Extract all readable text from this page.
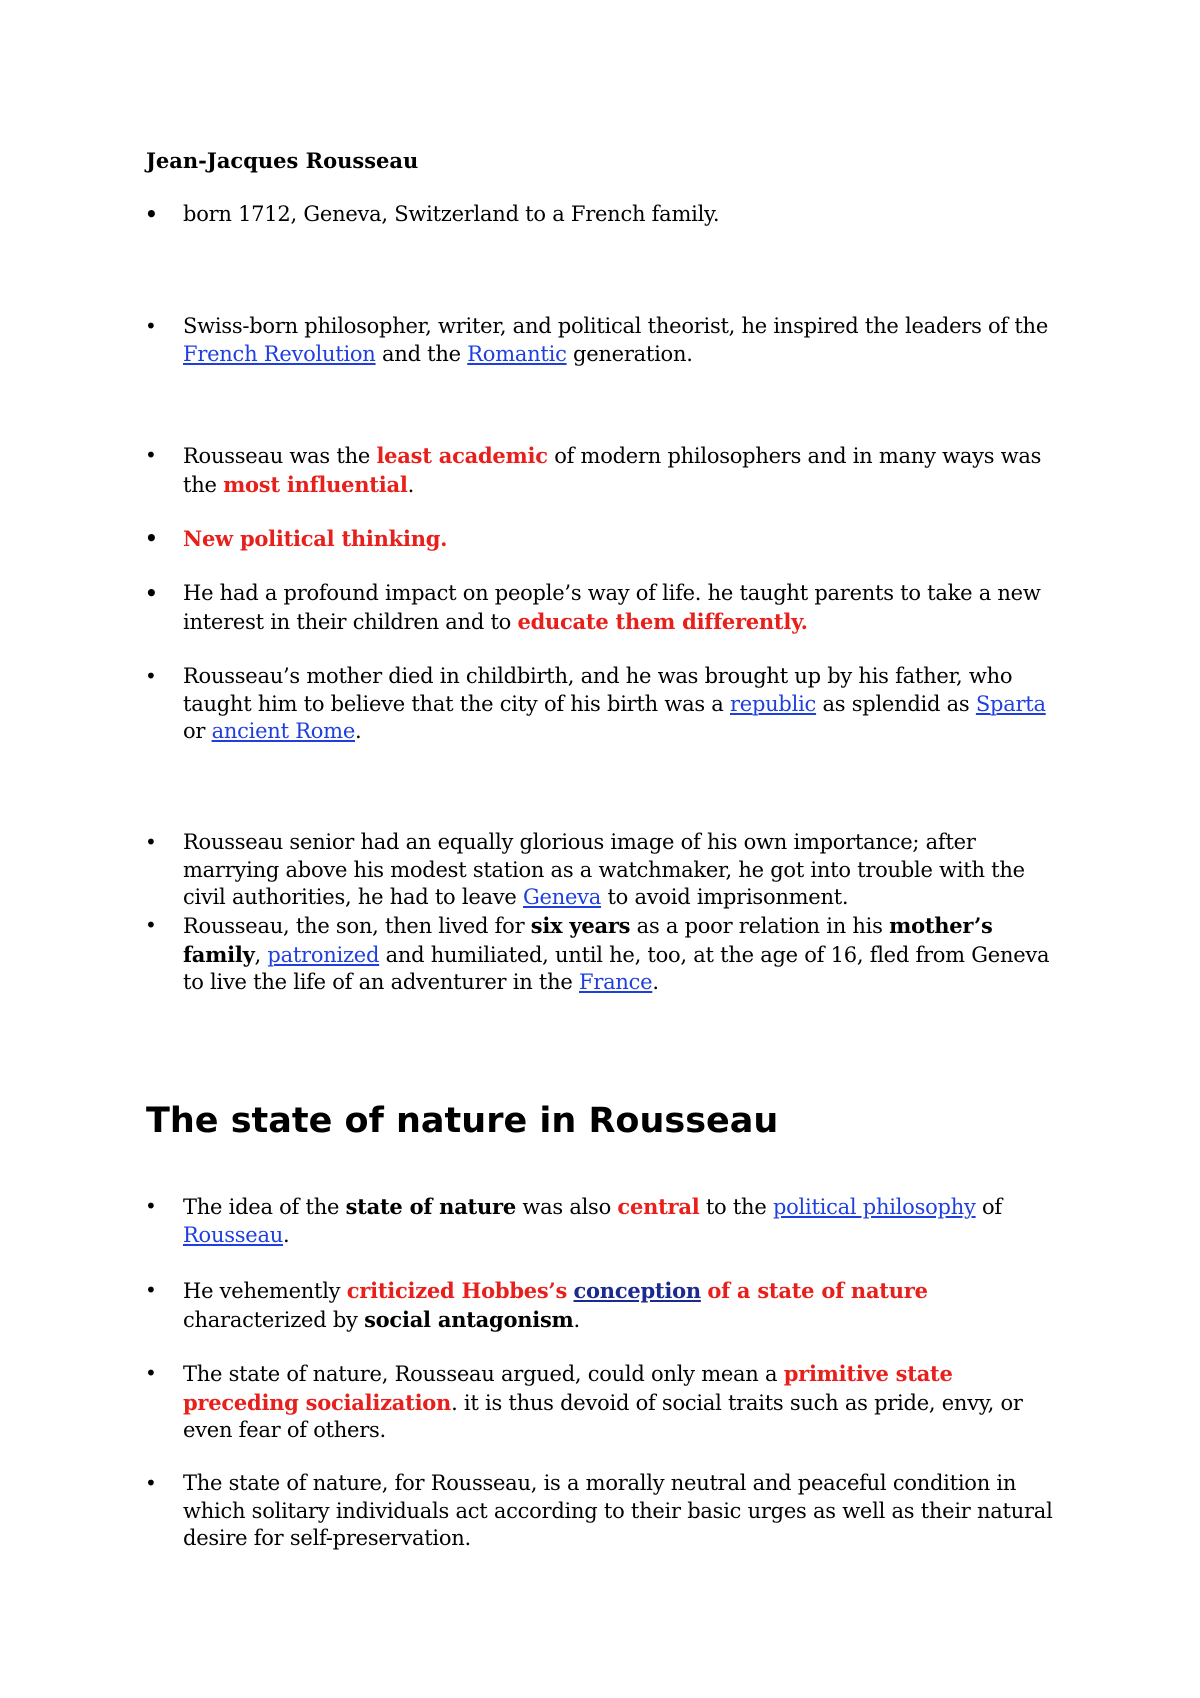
Jean-Jacques Rousseau
• born 1712, Geneva, Switzerland to a French family.
• Swiss-born philosopher, writer, and political theorist, he inspired the leaders of the French Revolution and the Romantic generation.
• Rousseau was the least academic of modern philosophers and in many ways was the most influential.
• New political thinking.
• He had a profound impact on people’s way of life. he taught parents to take a new interest in their children and to educate them differently.
• Rousseau’s mother died in childbirth, and he was brought up by his father, who taught him to believe that the city of his birth was a republic as splendid as Sparta or ancient Rome.
• Rousseau senior had an equally glorious image of his own importance; after marrying above his modest station as a watchmaker, he got into trouble with the civil authorities, he had to leave Geneva to avoid imprisonment.
• Rousseau, the son, then lived for six years as a poor relation in his mother’s family, patronized and humiliated, until he, too, at the age of 16, fled from Geneva to live the life of an adventurer in the France.
The state of nature in Rousseau
• The idea of the state of nature was also central to the political philosophy of Rousseau.
• He vehemently criticized Hobbes’s conception of a state of nature characterized by social antagonism.
• The state of nature, Rousseau argued, could only mean a primitive state preceding socialization. it is thus devoid of social traits such as pride, envy, or even fear of others.
• The state of nature, for Rousseau, is a morally neutral and peaceful condition in which solitary individuals act according to their basic urges as well as their natural desire for self-preservation.
